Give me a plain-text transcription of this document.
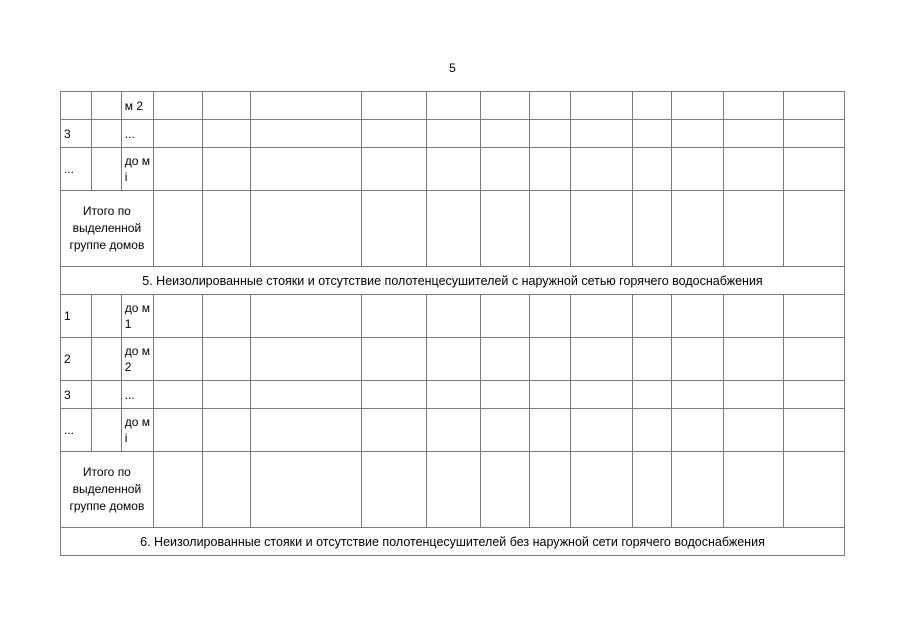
5
		м 2												
3		...												
...		до м i												
Итого по выделенной группе домов														
5. Неизолированные стояки и отсутствие полотенцесушителей с наружной сетью горячего водоснабжения														
1		до м 1												
2		до м 2												
3		...												
...		до м i												
Итого по выделенной группе домов														
6. Неизолированные стояки и отсутствие полотенцесушителей без наружной сети горячего водоснабжения														
